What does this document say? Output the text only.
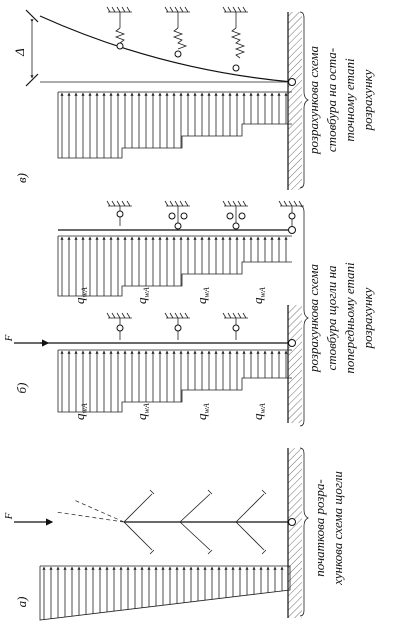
Δ	розрахункова схема стовбура на оста- точному етапі розрахунку
в)
F
$q_{wA}$
$q_{wA}$
$q_{wA}$
$q_{wA}$
$q_{wA}$
$q_{wA}$
$q_{wA}$
$q_{wA}$	розрахункова схема стовбура щогли на попередньому етапі розрахунку
б)
F	початкова розра- хункова схема щогли
а)
